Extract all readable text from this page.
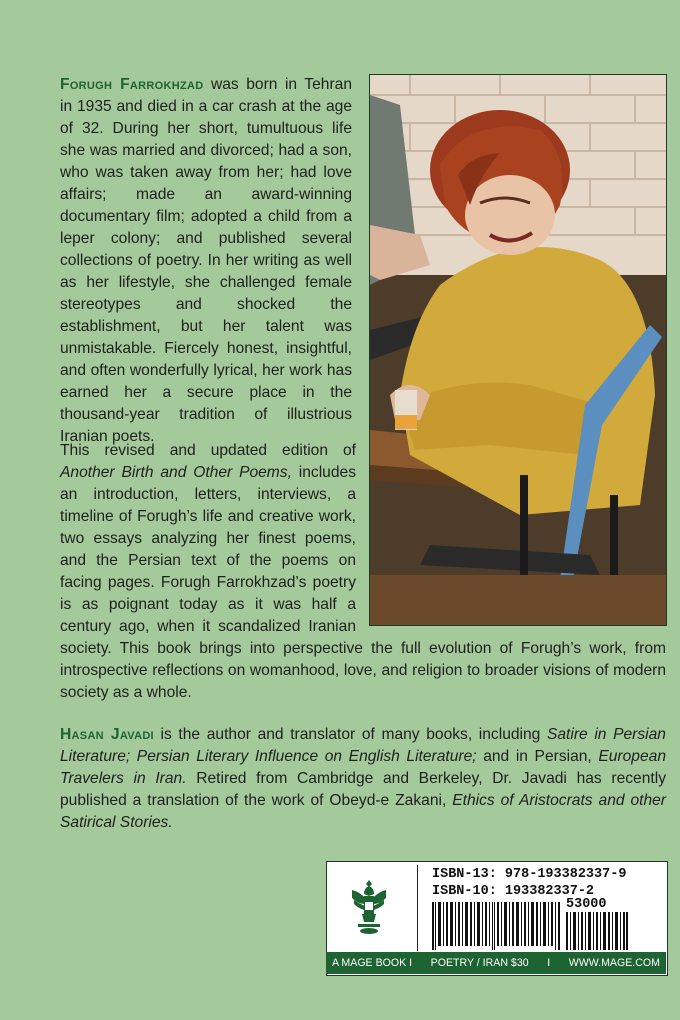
Forugh Farrokhzad was born in Tehran in 1935 and died in a car crash at the age of 32. During her short, tumultuous life she was married and divorced; had a son, who was taken away from her; had love affairs; made an award-winning documentary film; adopted a child from a leper colony; and published several collections of poetry. In her writing as well as her lifestyle, she challenged female stereotypes and shocked the establishment, but her talent was unmistakable. Fiercely honest, insightful, and often wonderfully lyrical, her work has earned her a secure place in the thousand-year tradition of illustrious Iranian poets.

This revised and updated edition of Another Birth and Other Poems, includes an introduction, letters, interviews, a timeline of Forugh’s life and creative work, two essays analyzing her finest poems, and the Persian text of the poems on facing pages. Forugh Farrokhzad’s poetry is as poignant today as it was half a century ago, when it scandalized Iranian society. This book brings into perspective the full evolution of Forugh’s work, from introspective reflections on womanhood, love, and religion to broader visions of modern society as a whole.

Hasan Javadi is the author and translator of many books, including Satire in Persian Literature; Persian Literary Influence on English Literature; and in Persian, European Travelers in Iran. Retired from Cambridge and Berkeley, Dr. Javadi has recently published a translation of the work of Obeyd-e Zakani, Ethics of Aristocrats and other Satirical Stories.

ISBN-13: 978-193382337-9
ISBN-10: 193382337-2
53000
A MAGE BOOK I POETRY / IRAN $30 I WWW.MAGE.COM
